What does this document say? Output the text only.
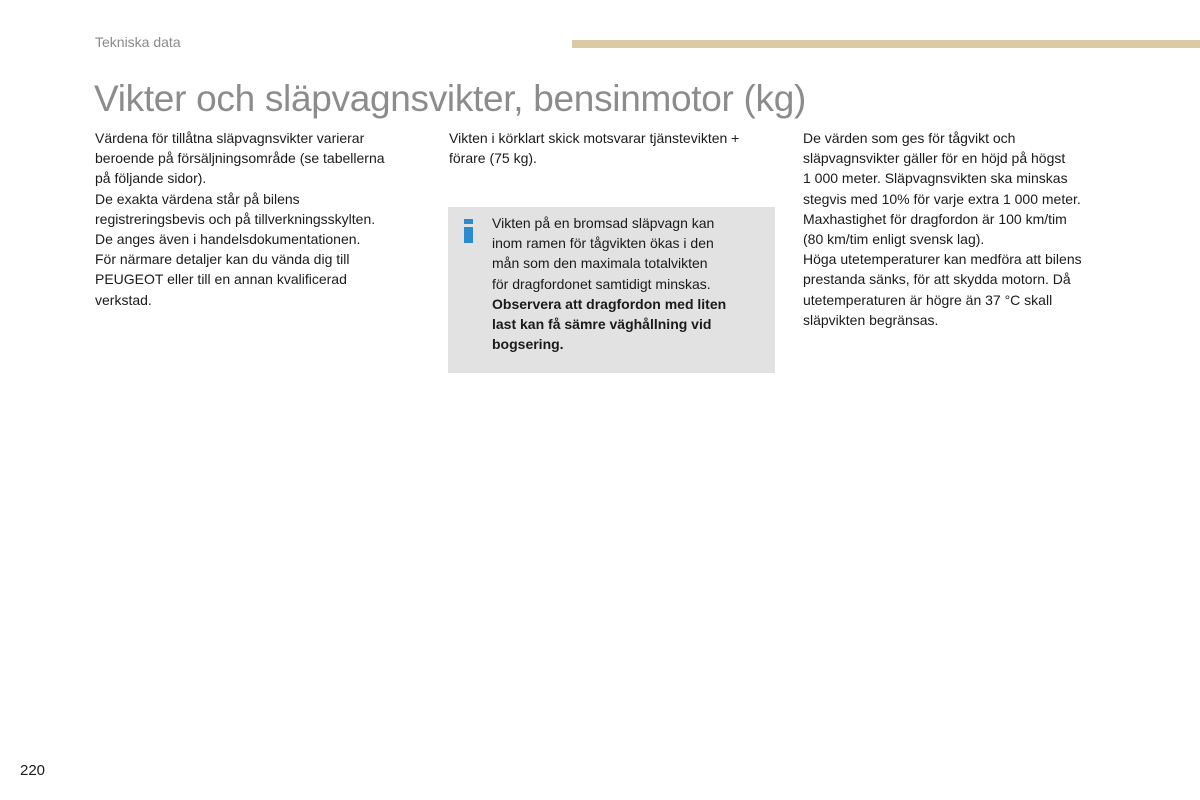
Tekniska data
Vikter och släpvagnsvikter, bensinmotor (kg)

Värdena för tillåtna släpvagnsvikter varierar

beroende på försäljningsområde (se tabellerna

på följande sidor).

De exakta värdena står på bilens

registreringsbevis och på tillverkningsskylten.

De anges även i handelsdokumentationen.

För närmare detaljer kan du vända dig till

PEUGEOT eller till en annan kvalificerad

verkstad.

Vikten i körklart skick motsvarar tjänstevikten +

förare (75 kg).

Vikten på en bromsad släpvagn kan

inom ramen för tågvikten ökas i den

mån som den maximala totalvikten

för dragfordonet samtidigt minskas.

Observera att dragfordon med liten

last kan få sämre väghållning vid

bogsering.

De värden som ges för tågvikt och

släpvagnsvikter gäller för en höjd på högst

1 000 meter. Släpvagnsvikten ska minskas

stegvis med 10% för varje extra 1 000 meter.

Maxhastighet för dragfordon är 100 km/tim

(80 km/tim enligt svensk lag).

Höga utetemperaturer kan medföra att bilens

prestanda sänks, för att skydda motorn. Då

utetemperaturen är högre än 37 °C skall

släpvikten begränsas.

220
